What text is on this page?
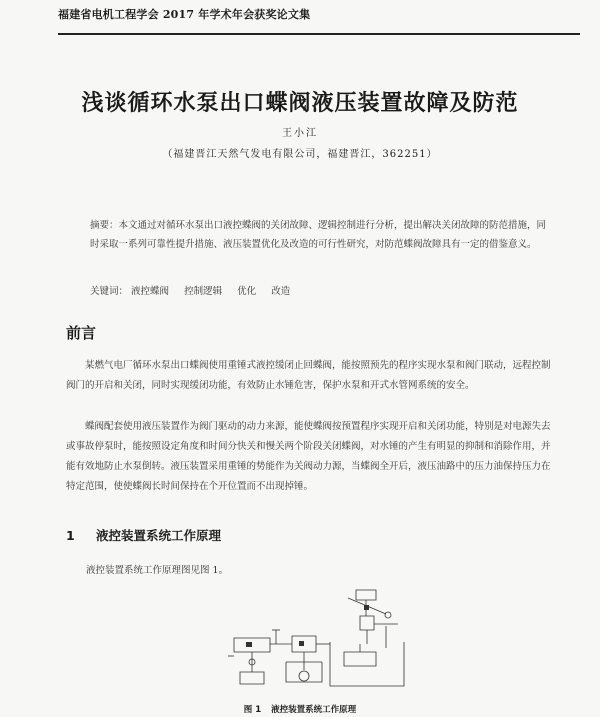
福建省电机工程学会 2017 年学术年会获奖论文集
浅谈循环水泵出口蝶阀液压装置故障及防范
王小江
（福建晋江天然气发电有限公司，福建晋江，362251）
摘要：本文通过对循环水泵出口液控蝶阀的关闭故障、逻辑控制进行分析，提出解决关闭故障的防范措施，同时采取一系列可靠性提升措施、液压装置优化及改造的可行性研究，对防范蝶阀故障具有一定的借鉴意义。
关键词： 液控蝶阀 控制逻辑 优化 改造
前言

某燃气电厂循环水泵出口蝶阀使用重锤式液控缓闭止回蝶阀，能按照预先的程序实现水泵和阀门联动，远程控制阀门的开启和关闭，同时实现缓闭功能，有效防止水锤危害，保护水泵和开式水管网系统的安全。

蝶阀配套使用液压装置作为阀门驱动的动力来源，能使蝶阀按预置程序实现开启和关闭功能，特别是对电源失去或事故停泵时，能按照设定角度和时间分快关和慢关两个阶段关闭蝶阀，对水锤的产生有明显的抑制和消除作用，并能有效地防止水泵倒转。液压装置采用重锤的势能作为关阀动力源，当蝶阀全开后，液压油路中的压力油保持压力在特定范围，使使蝶阀长时间保持在个开位置而不出现掉锤。

1 液控装置系统工作原理
液控装置系统工作原理图见图 1。
图 1 液控装置系统工作原理
